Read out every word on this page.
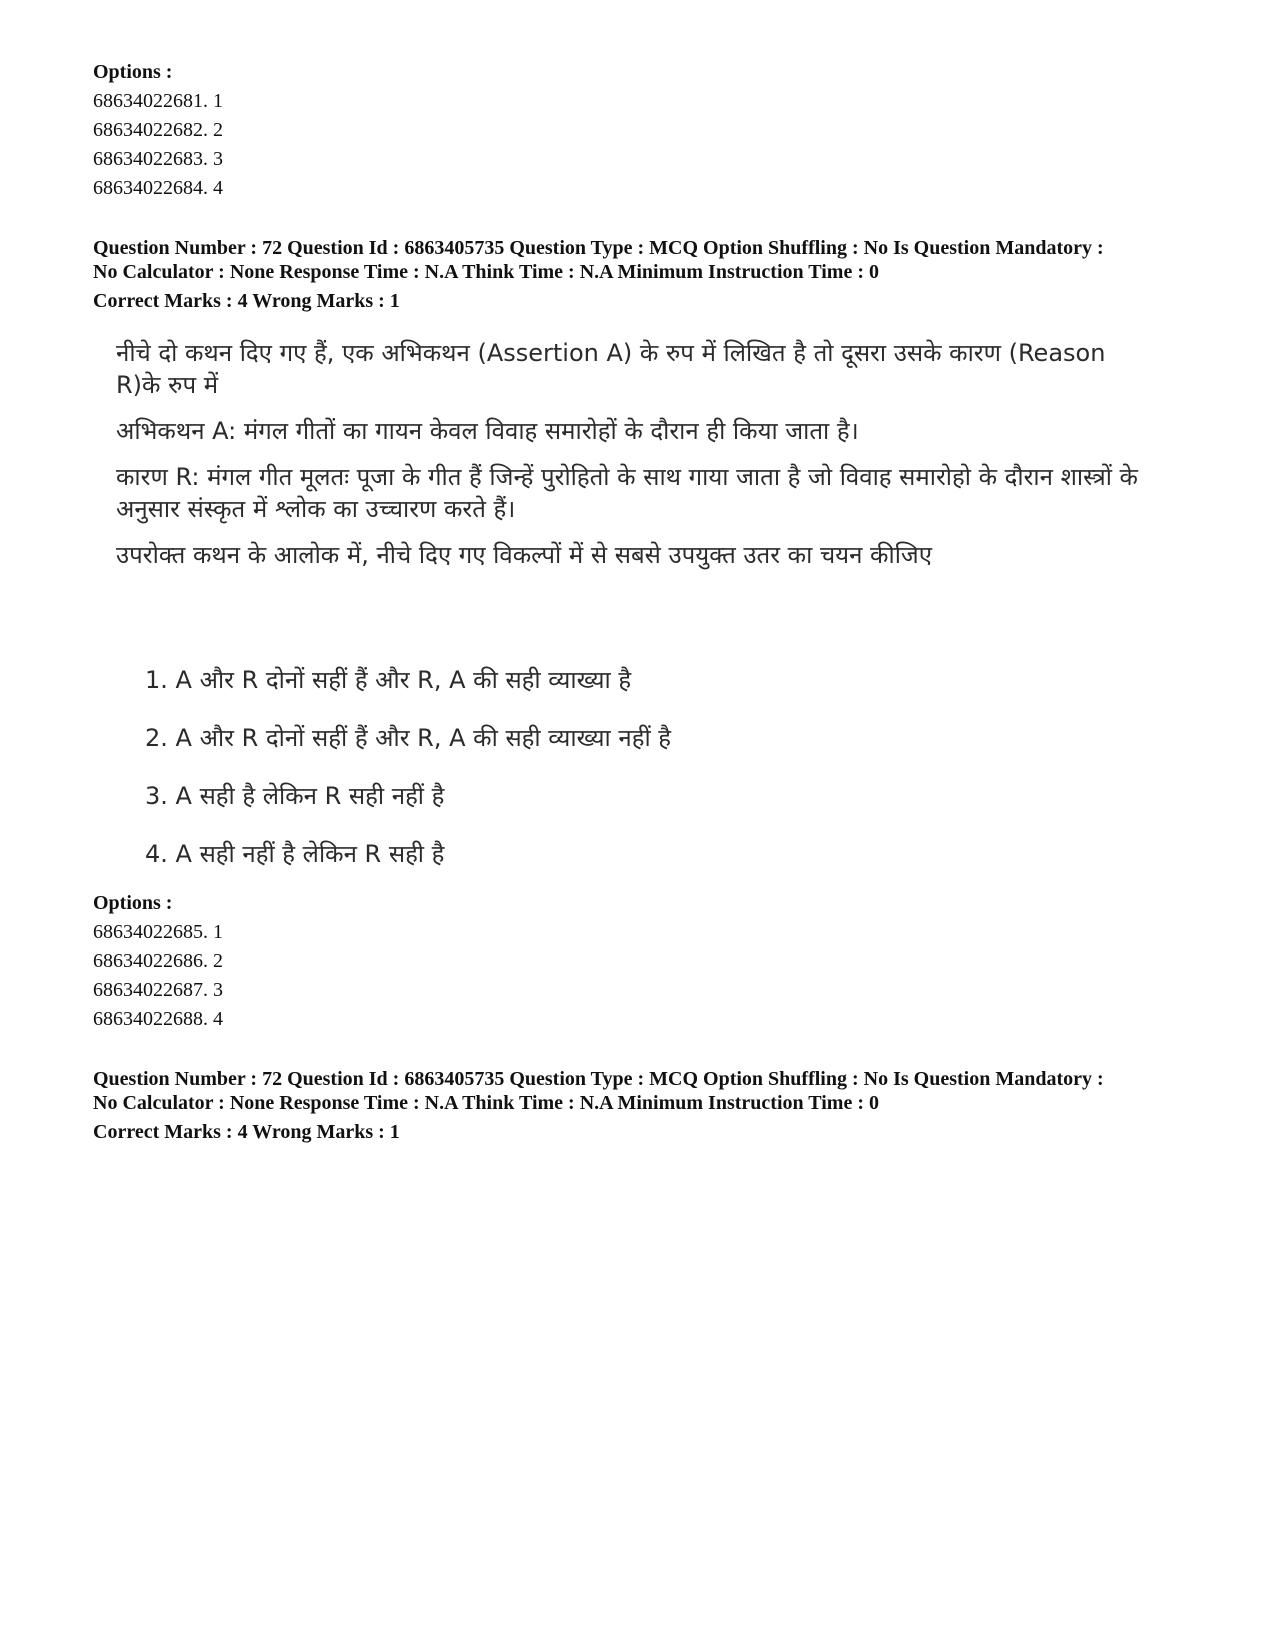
Options :
68634022681. 1
68634022682. 2
68634022683. 3
68634022684. 4
Question Number : 72 Question Id : 6863405735 Question Type : MCQ Option Shuffling : No Is Question Mandatory :
No Calculator : None Response Time : N.A Think Time : N.A Minimum Instruction Time : 0
Correct Marks : 4 Wrong Marks : 1

नीचे दो कथन दिए गए हैं, एक अभिकथन (Assertion A) के रुप में लिखित है तो दूसरा उसके कारण (Reason R)के रुप में

अभिकथन A: मंगल गीतों का गायन केवल विवाह समारोहों के दौरान ही किया जाता है।

कारण R: मंगल गीत मूलतः पूजा के गीत हैं जिन्हें पुरोहितो के साथ गाया जाता है जो विवाह समारोहो के दौरान शास्त्रों के अनुसार संस्कृत में श्लोक का उच्चारण करते हैं।

उपरोक्त कथन के आलोक में, नीचे दिए गए विकल्पों में से सबसे उपयुक्त उतर का चयन कीजिए

1. A और R दोनों सहीं हैं और R, A की सही व्याख्या है
2. A और R दोनों सहीं हैं और R, A की सही व्याख्या नहीं है
3. A सही है लेकिन R सही नहीं है
4. A सही नहीं है लेकिन R सही है
Options :
68634022685. 1
68634022686. 2
68634022687. 3
68634022688. 4
Question Number : 72 Question Id : 6863405735 Question Type : MCQ Option Shuffling : No Is Question Mandatory :
No Calculator : None Response Time : N.A Think Time : N.A Minimum Instruction Time : 0
Correct Marks : 4 Wrong Marks : 1
